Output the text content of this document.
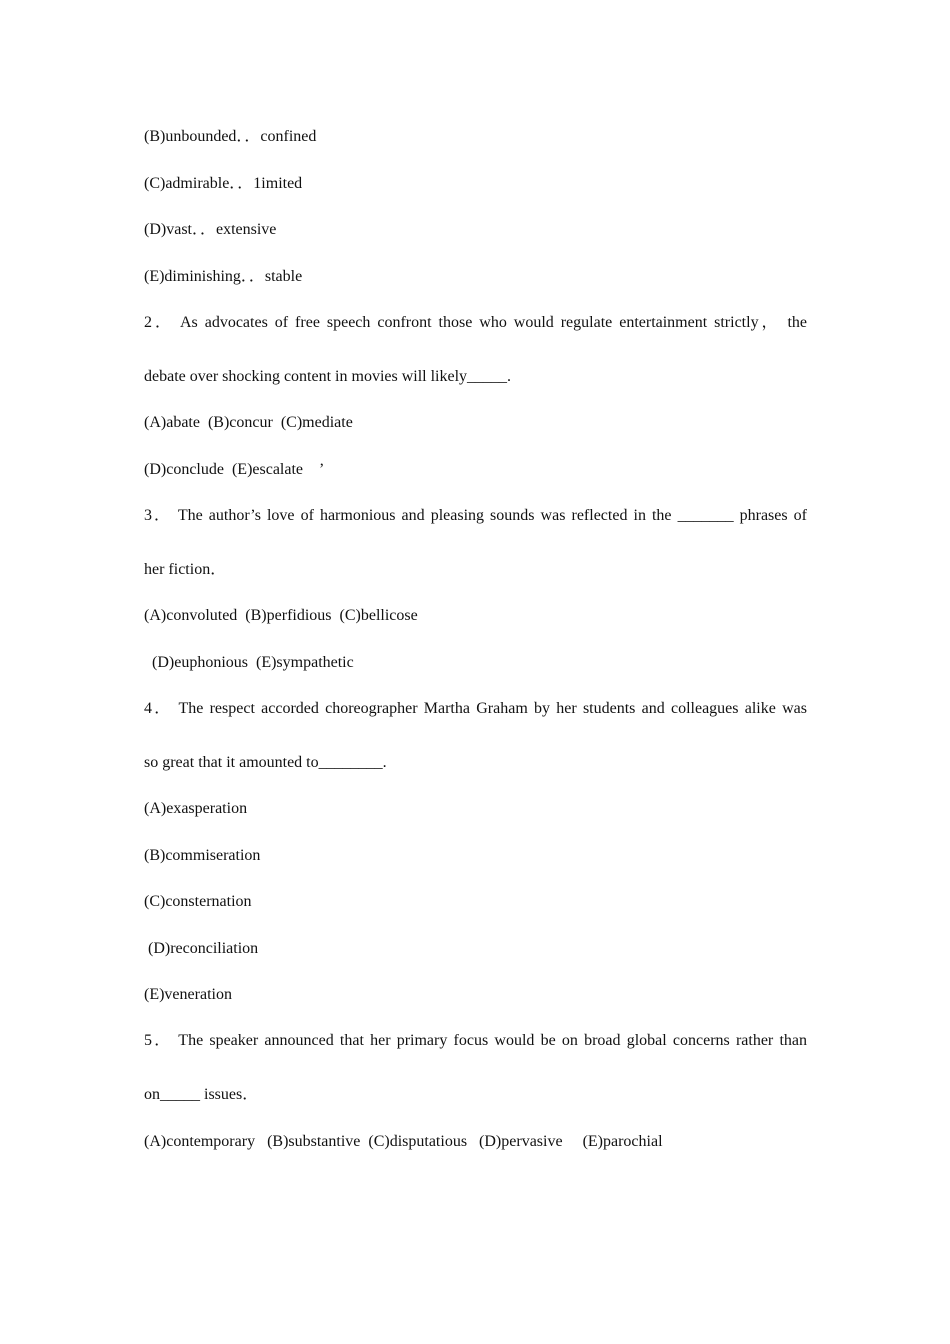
(B)unbounded．．confined
(C)admirable．．1imited
(D)vast．．extensive
(E)diminishing．．stable
2． As advocates of free speech confront those who would regulate entertainment strictly， the
debate over shocking content in movies will likely_____.
(A)abate  (B)concur  (C)mediate
(D)conclude  (E)escalate    ’
3． The author’s love of harmonious and pleasing sounds was reflected in the _______ phrases of
her fiction．
(A)convoluted  (B)perfidious  (C)bellicose
(D)euphonious  (E)sympathetic
4． The respect accorded choreographer Martha Graham by her students and colleagues alike was
so great that it amounted to________.
(A)exasperation
(B)commiseration
(C)consternation
(D)reconciliation
(E)veneration
5． The speaker announced that her primary focus would be on broad global concerns rather than
on_____ issues．
(A)contemporary   (B)substantive  (C)disputatious   (D)pervasive     (E)parochial
